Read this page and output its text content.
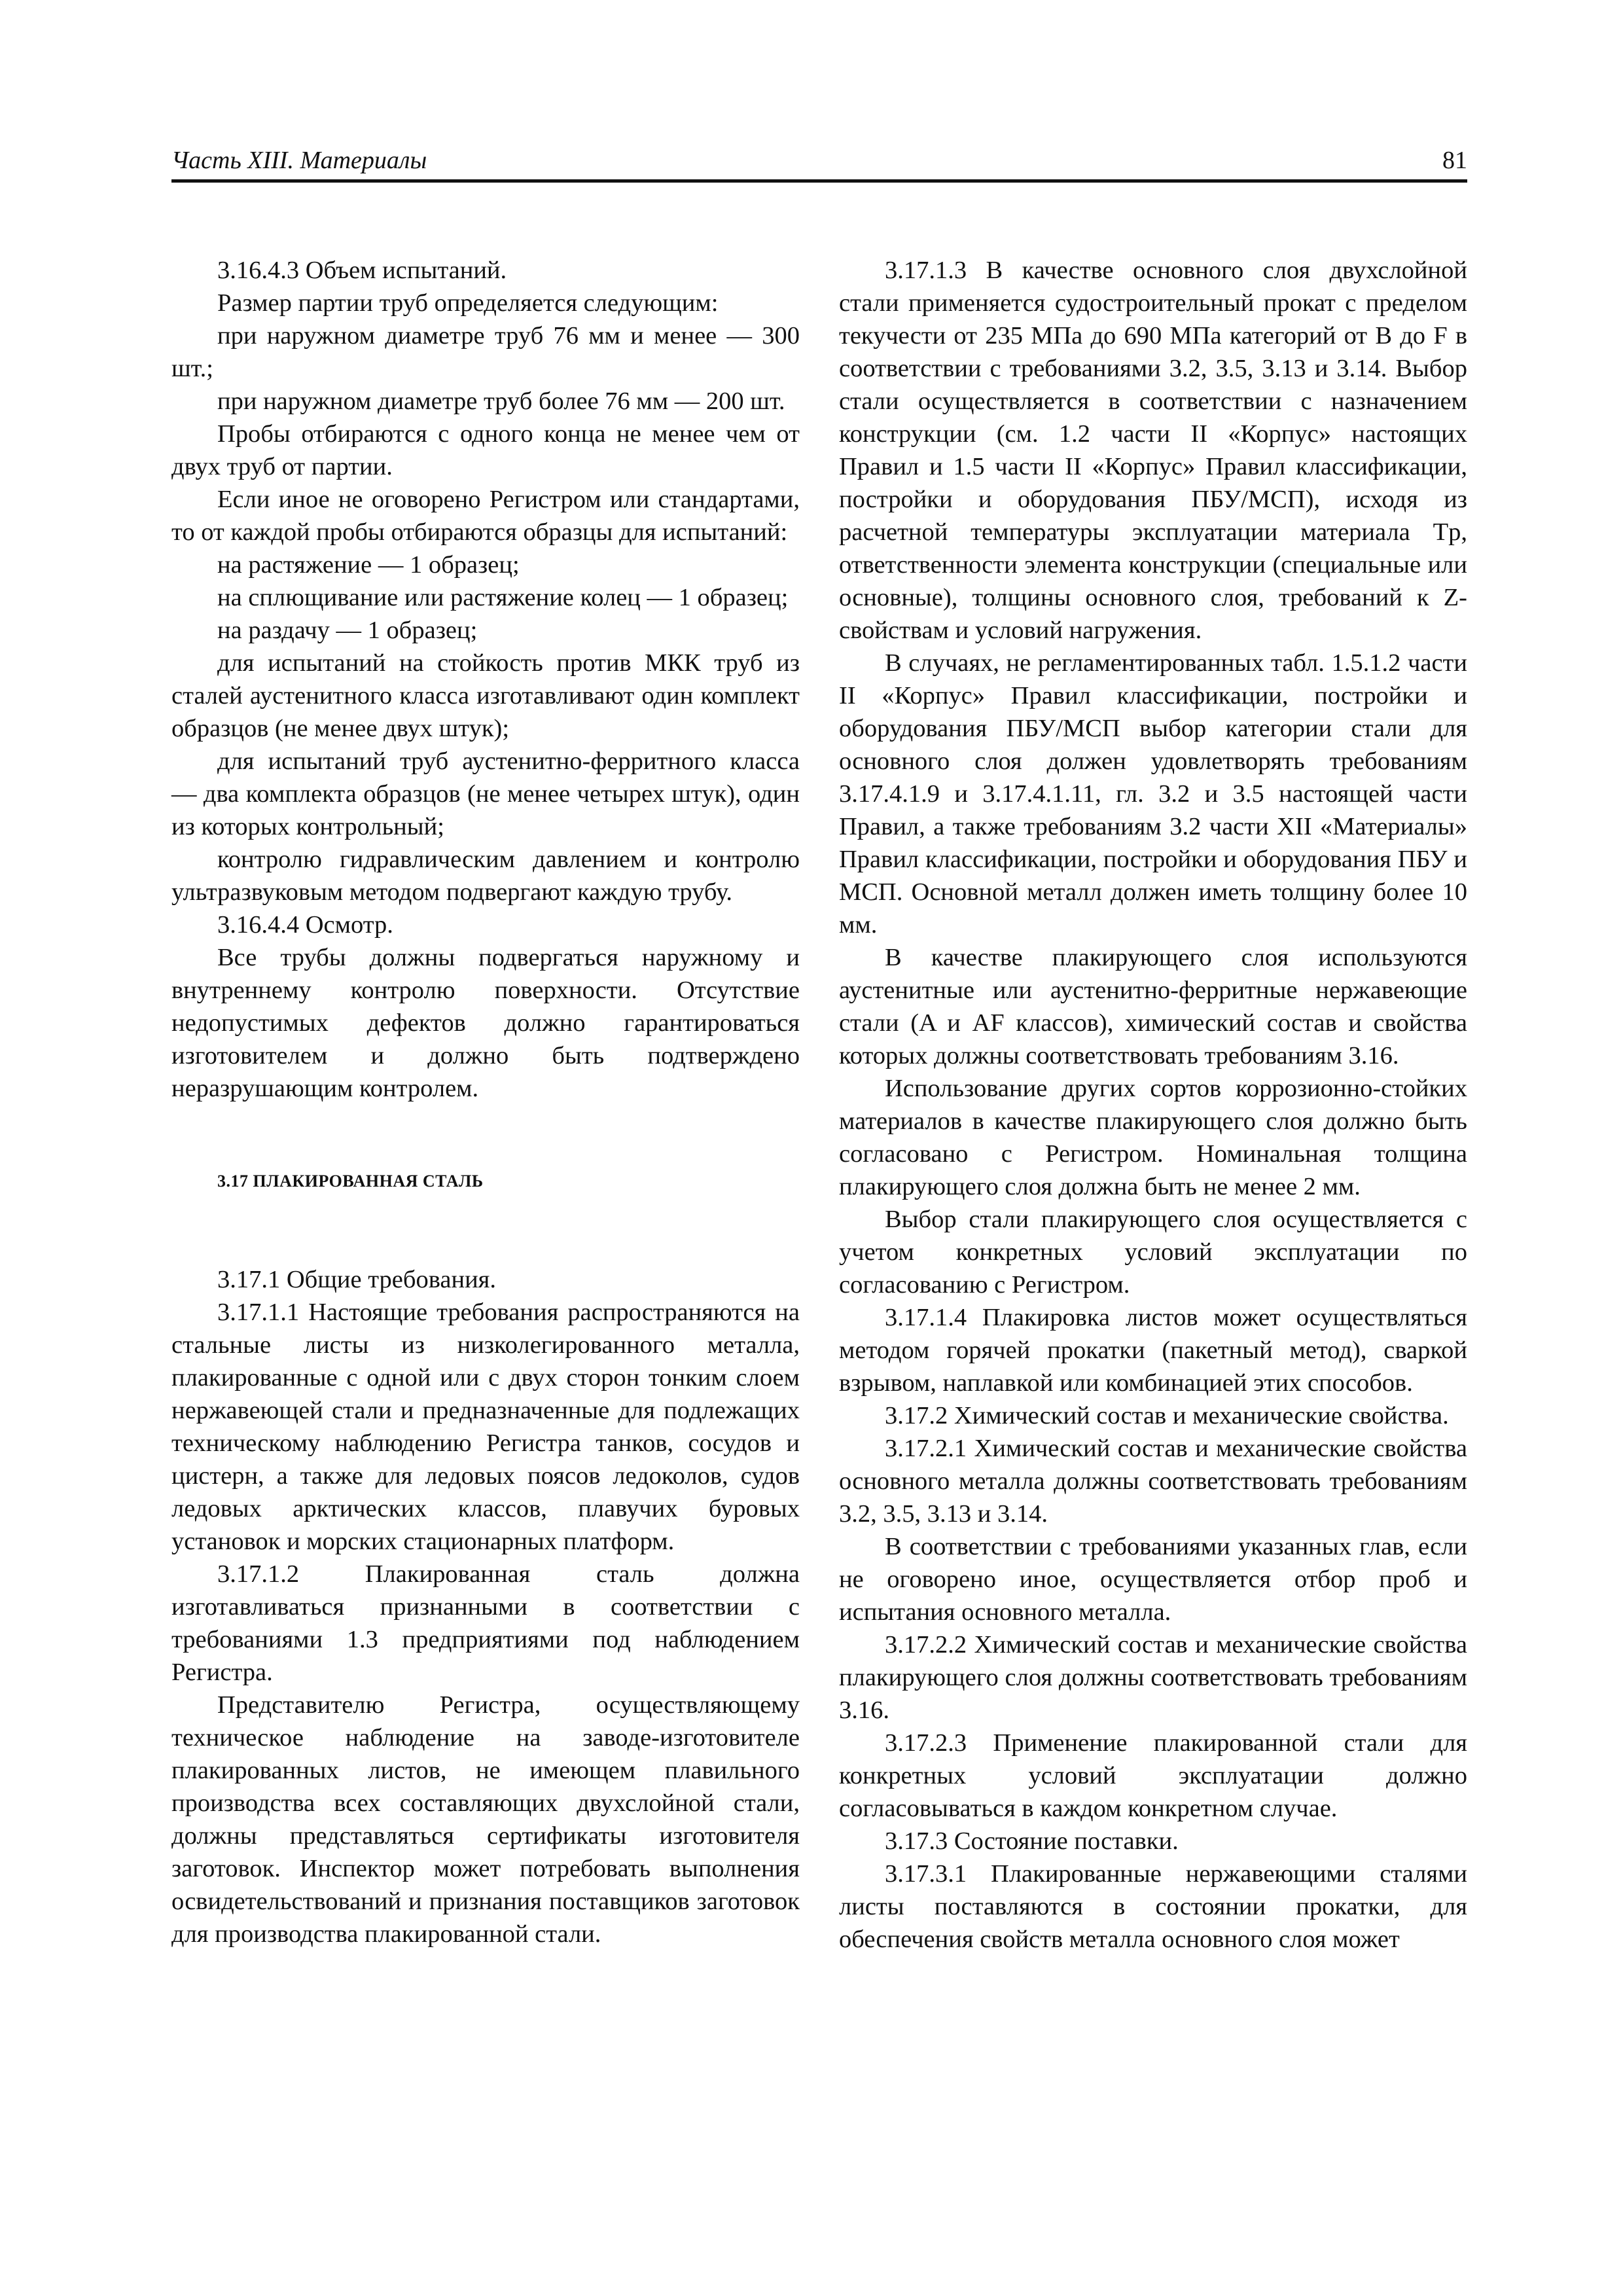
Часть XIII. Материалы	81

3.16.4.3 Объем испытаний.

Размер партии труб определяется следующим:

при наружном диаметре труб 76 мм и менее — 300 шт.;

при наружном диаметре труб более 76 мм — 200 шт.

Пробы отбираются с одного конца не менее чем от двух труб от партии.

Если иное не оговорено Регистром или стандартами, то от каждой пробы отбираются образцы для испытаний:

на растяжение — 1 образец;

на сплющивание или растяжение колец — 1 образец;

на раздачу — 1 образец;

для испытаний на стойкость против МКК труб из сталей аустенитного класса изготавливают один комплект образцов (не менее двух штук);

для испытаний труб аустенитно-ферритного класса — два комплекта образцов (не менее четырех штук), один из которых контрольный;

контролю гидравлическим давлением и контролю ультразвуковым методом подвергают каждую трубу.

3.16.4.4 Осмотр.

Все трубы должны подвергаться наружному и внутреннему контролю поверхности. Отсутствие недопустимых дефектов должно гарантироваться изготовителем и должно быть подтверждено неразрушающим контролем.

3.17 ПЛАКИРОВАННАЯ СТАЛЬ

3.17.1 Общие требования.

3.17.1.1 Настоящие требования распространяются на стальные листы из низколегированного металла, плакированные с одной или с двух сторон тонким слоем нержавеющей стали и предназначенные для подлежащих техническому наблюдению Регистра танков, сосудов и цистерн, а также для ледовых поясов ледоколов, судов ледовых арктических классов, плавучих буровых установок и морских стационарных платформ.

3.17.1.2 Плакированная сталь должна изготавливаться признанными в соответствии с требованиями 1.3 предприятиями под наблюдением Регистра.

Представителю Регистра, осуществляющему техническое наблюдение на заводе-изготовителе плакированных листов, не имеющем плавильного производства всех составляющих двухслойной стали, должны представляться сертификаты изготовителя заготовок. Инспектор может потребовать выполнения освидетельствований и признания поставщиков заготовок для производства плакированной стали.

3.17.1.3 В качестве основного слоя двухслойной стали применяется судостроительный прокат с пределом текучести от 235 МПа до 690 МПа категорий от B до F в соответствии с требованиями 3.2, 3.5, 3.13 и 3.14. Выбор стали осуществляется в соответствии с назначением конструкции (см. 1.2 части II «Корпус» настоящих Правил и 1.5 части II «Корпус» Правил классификации, постройки и оборудования ПБУ/МСП), исходя из расчетной температуры эксплуатации материала Tр, ответственности элемента конструкции (специальные или основные), толщины основного слоя, требований к Z-свойствам и условий нагружения.

В случаях, не регламентированных табл. 1.5.1.2 части II «Корпус» Правил классификации, постройки и оборудования ПБУ/МСП выбор категории стали для основного слоя должен удовлетворять требованиям 3.17.4.1.9 и 3.17.4.1.11, гл. 3.2 и 3.5 настоящей части Правил, а также требованиям 3.2 части XII «Материалы» Правил классификации, постройки и оборудования ПБУ и МСП. Основной металл должен иметь толщину более 10 мм.

В качестве плакирующего слоя используются аустенитные или аустенитно-ферритные нержавеющие стали (A и AF классов), химический состав и свойства которых должны соответствовать требованиям 3.16.

Использование других сортов коррозионно-стойких материалов в качестве плакирующего слоя должно быть согласовано с Регистром. Номинальная толщина плакирующего слоя должна быть не менее 2 мм.

Выбор стали плакирующего слоя осуществляется с учетом конкретных условий эксплуатации по согласованию с Регистром.

3.17.1.4 Плакировка листов может осуществляться методом горячей прокатки (пакетный метод), сваркой взрывом, наплавкой или комбинацией этих способов.

3.17.2 Химический состав и механические свойства.

3.17.2.1 Химический состав и механические свойства основного металла должны соответствовать требованиям 3.2, 3.5, 3.13 и 3.14.

В соответствии с требованиями указанных глав, если не оговорено иное, осуществляется отбор проб и испытания основного металла.

3.17.2.2 Химический состав и механические свойства плакирующего слоя должны соответствовать требованиям 3.16.

3.17.2.3 Применение плакированной стали для конкретных условий эксплуатации должно согласовываться в каждом конкретном случае.

3.17.3 Состояние поставки.

3.17.3.1 Плакированные нержавеющими сталями листы поставляются в состоянии прокатки, для обеспечения свойств металла основного слоя может
